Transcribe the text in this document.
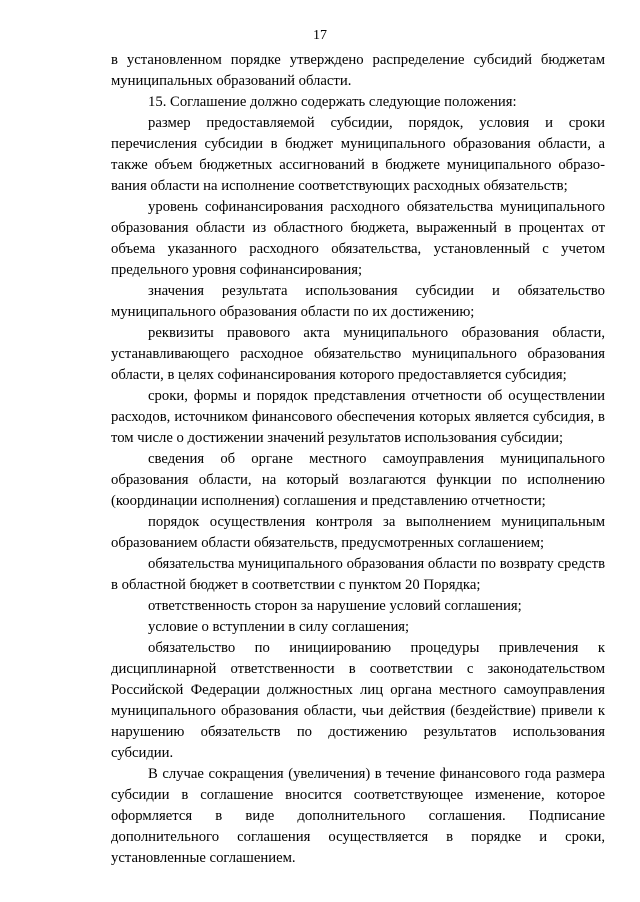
17

в установленном порядке утверждено распределение субсидий бюджетам муниципальных образований области.

15. Соглашение должно содержать следующие положения:

размер предоставляемой субсидии, порядок, условия и сроки перечисления субсидии в бюджет муниципального образования области, а также объем бюджетных ассигнований в бюджете муниципального образования области на исполнение соответствующих расходных обязательств;

уровень софинансирования расходного обязательства муниципального образования области из областного бюджета, выраженный в процентах от объема указанного расходного обязательства, установленный с учетом предельного уровня софинансирования;

значения результата использования субсидии и обязательство муниципального образования области по их достижению;

реквизиты правового акта муниципального образования области, устанавливающего расходное обязательство муниципального образования области, в целях софинансирования которого предоставляется субсидия;

сроки, формы и порядок представления отчетности об осуществлении расходов, источником финансового обеспечения которых является субсидия, в том числе о достижении значений результатов использования субсидии;

сведения об органе местного самоуправления муниципального образования области, на который возлагаются функции по исполнению (координации исполнения) соглашения и представлению отчетности;

порядок осуществления контроля за выполнением муниципальным образованием области обязательств, предусмотренных соглашением;

обязательства муниципального образования области по возврату средств в областной бюджет в соответствии с пунктом 20 Порядка;

ответственность сторон за нарушение условий соглашения;

условие о вступлении в силу соглашения;

обязательство по инициированию процедуры привлечения к дисциплинарной ответственности в соответствии с законодательством Российской Федерации должностных лиц органа местного самоуправления муниципального образования области, чьи действия (бездействие) привели к нарушению обязательств по достижению результатов использования субсидии.

В случае сокращения (увеличения) в течение финансового года размера субсидии в соглашение вносится соответствующее изменение, которое оформляется в виде дополнительного соглашения. Подписание дополнительного соглашения осуществляется в порядке и сроки, установленные соглашением.
